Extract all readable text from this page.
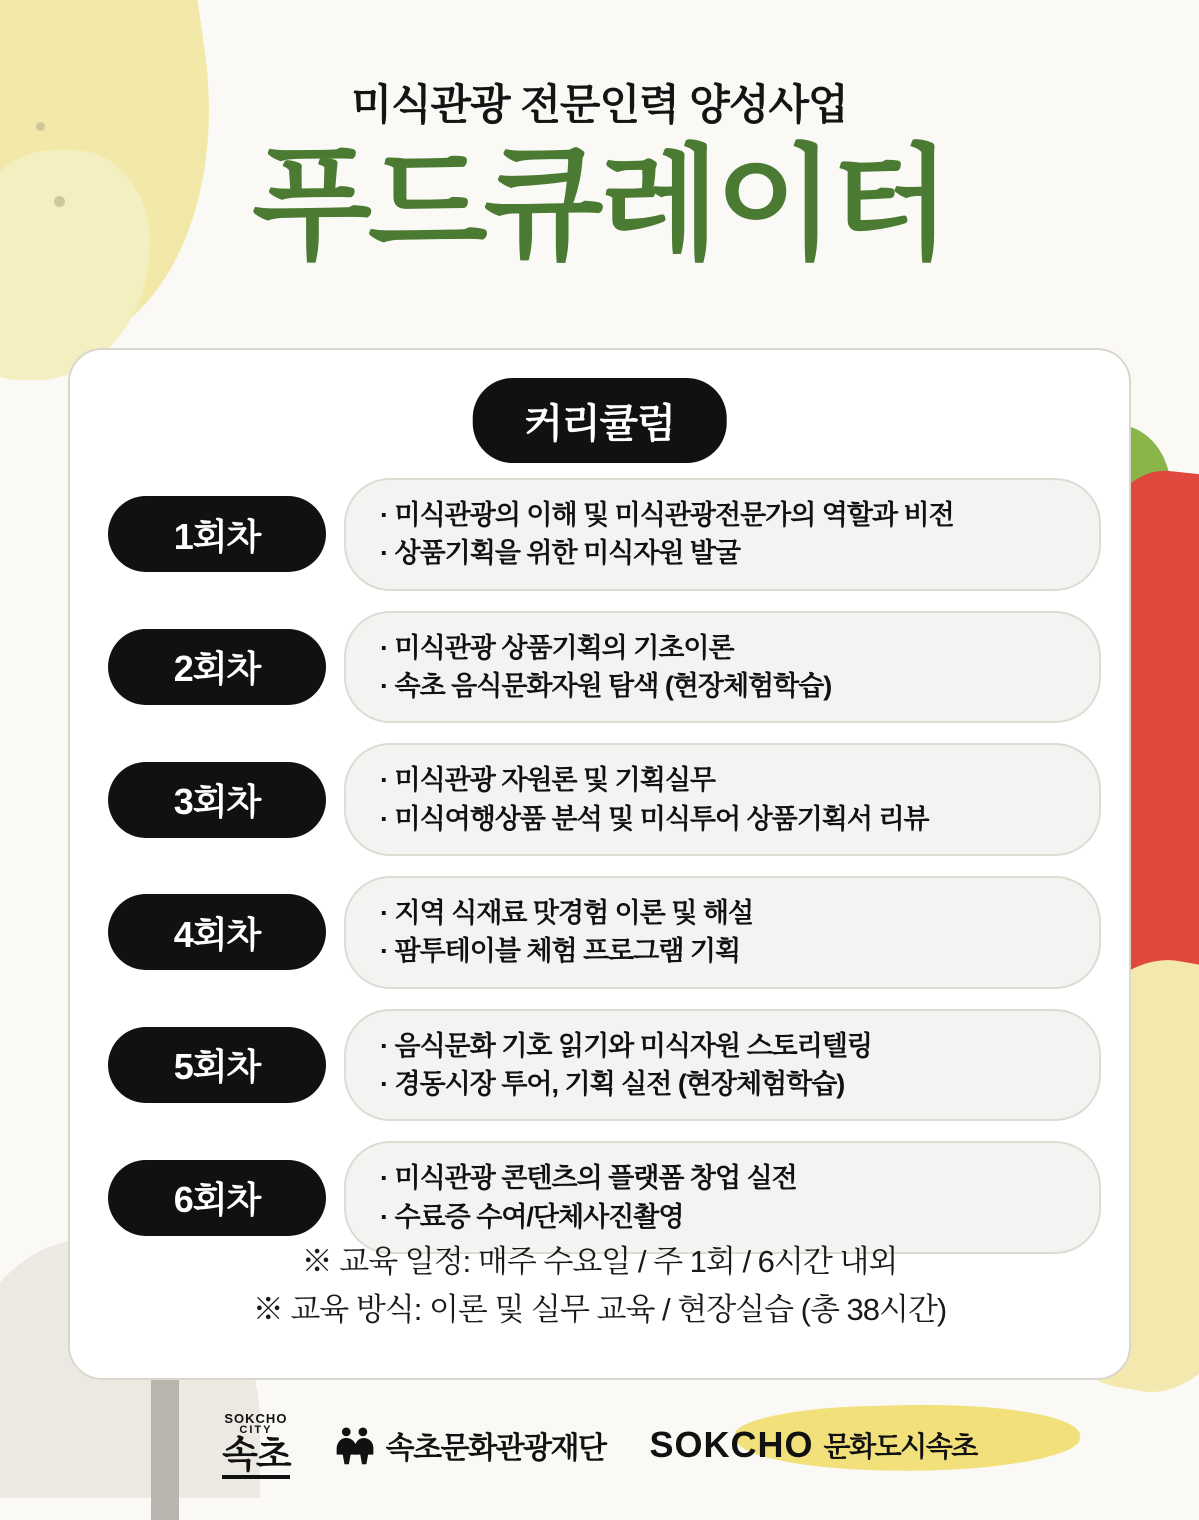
미식관광 전문인력 양성사업

푸드큐레이터
커리큘럼
1회차
· 미식관광의 이해 및 미식관광전문가의 역할과 비전
· 상품기획을 위한 미식자원 발굴
2회차
· 미식관광 상품기획의 기초이론
· 속초 음식문화자원 탐색 (현장체험학습)
3회차
· 미식관광 자원론 및 기획실무
· 미식여행상품 분석 및 미식투어 상품기획서 리뷰
4회차
· 지역 식재료 맛경험 이론 및 해설
· 팜투테이블 체험 프로그램 기획
5회차
· 음식문화 기호 읽기와 미식자원 스토리텔링
· 경동시장 투어, 기획 실전 (현장체험학습)
6회차
· 미식관광 콘텐츠의 플랫폼 창업 실전
· 수료증 수여/단체사진촬영
※ 교육 일정: 매주 수요일 / 주 1회 / 6시간 내외
※ 교육 방식: 이론 및 실무 교육 / 현장실습 (총 38시간)
SOKCHO
CITY
속초	속초문화관광재단 SOKCHO 문화도시속초
